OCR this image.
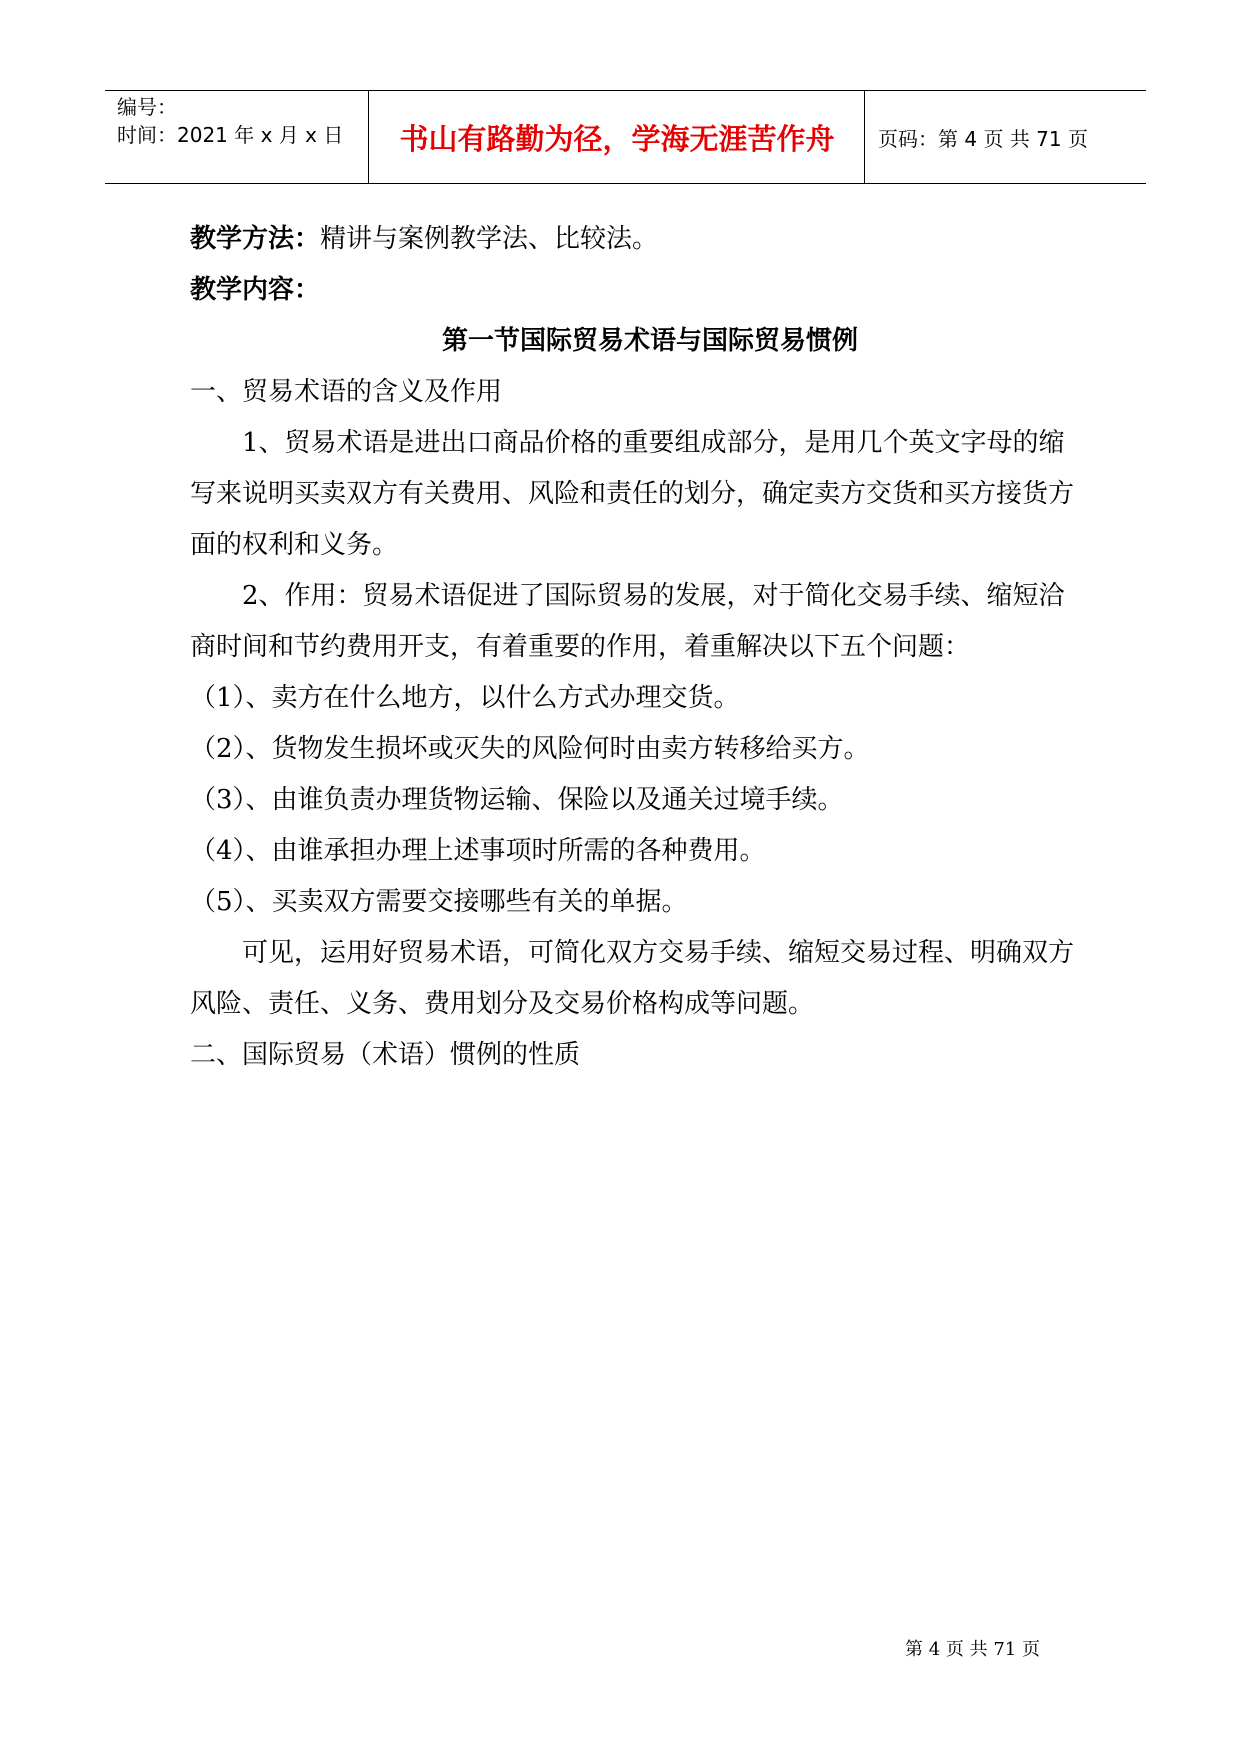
编号：
时间：2021 年 x 月 x 日	书山有路勤为径，学海无涯苦作舟	页码：第 4 页 共 71 页

教学方法：精讲与案例教学法、比较法。

教学内容：

第一节国际贸易术语与国际贸易惯例

一、贸易术语的含义及作用

1、贸易术语是进出口商品价格的重要组成部分，是用几个英文字母的缩写来说明买卖双方有关费用、风险和责任的划分，确定卖方交货和买方接货方面的权利和义务。

2、作用：贸易术语促进了国际贸易的发展，对于简化交易手续、缩短洽商时间和节约费用开支，有着重要的作用，着重解决以下五个问题：

（1）、卖方在什么地方，以什么方式办理交货。

（2）、货物发生损坏或灭失的风险何时由卖方转移给买方。

（3）、由谁负责办理货物运输、保险以及通关过境手续。

（4）、由谁承担办理上述事项时所需的各种费用。

（5）、买卖双方需要交接哪些有关的单据。

可见，运用好贸易术语，可简化双方交易手续、缩短交易过程、明确双方风险、责任、义务、费用划分及交易价格构成等问题。

二、国际贸易（术语）惯例的性质

第 4 页 共 71 页
